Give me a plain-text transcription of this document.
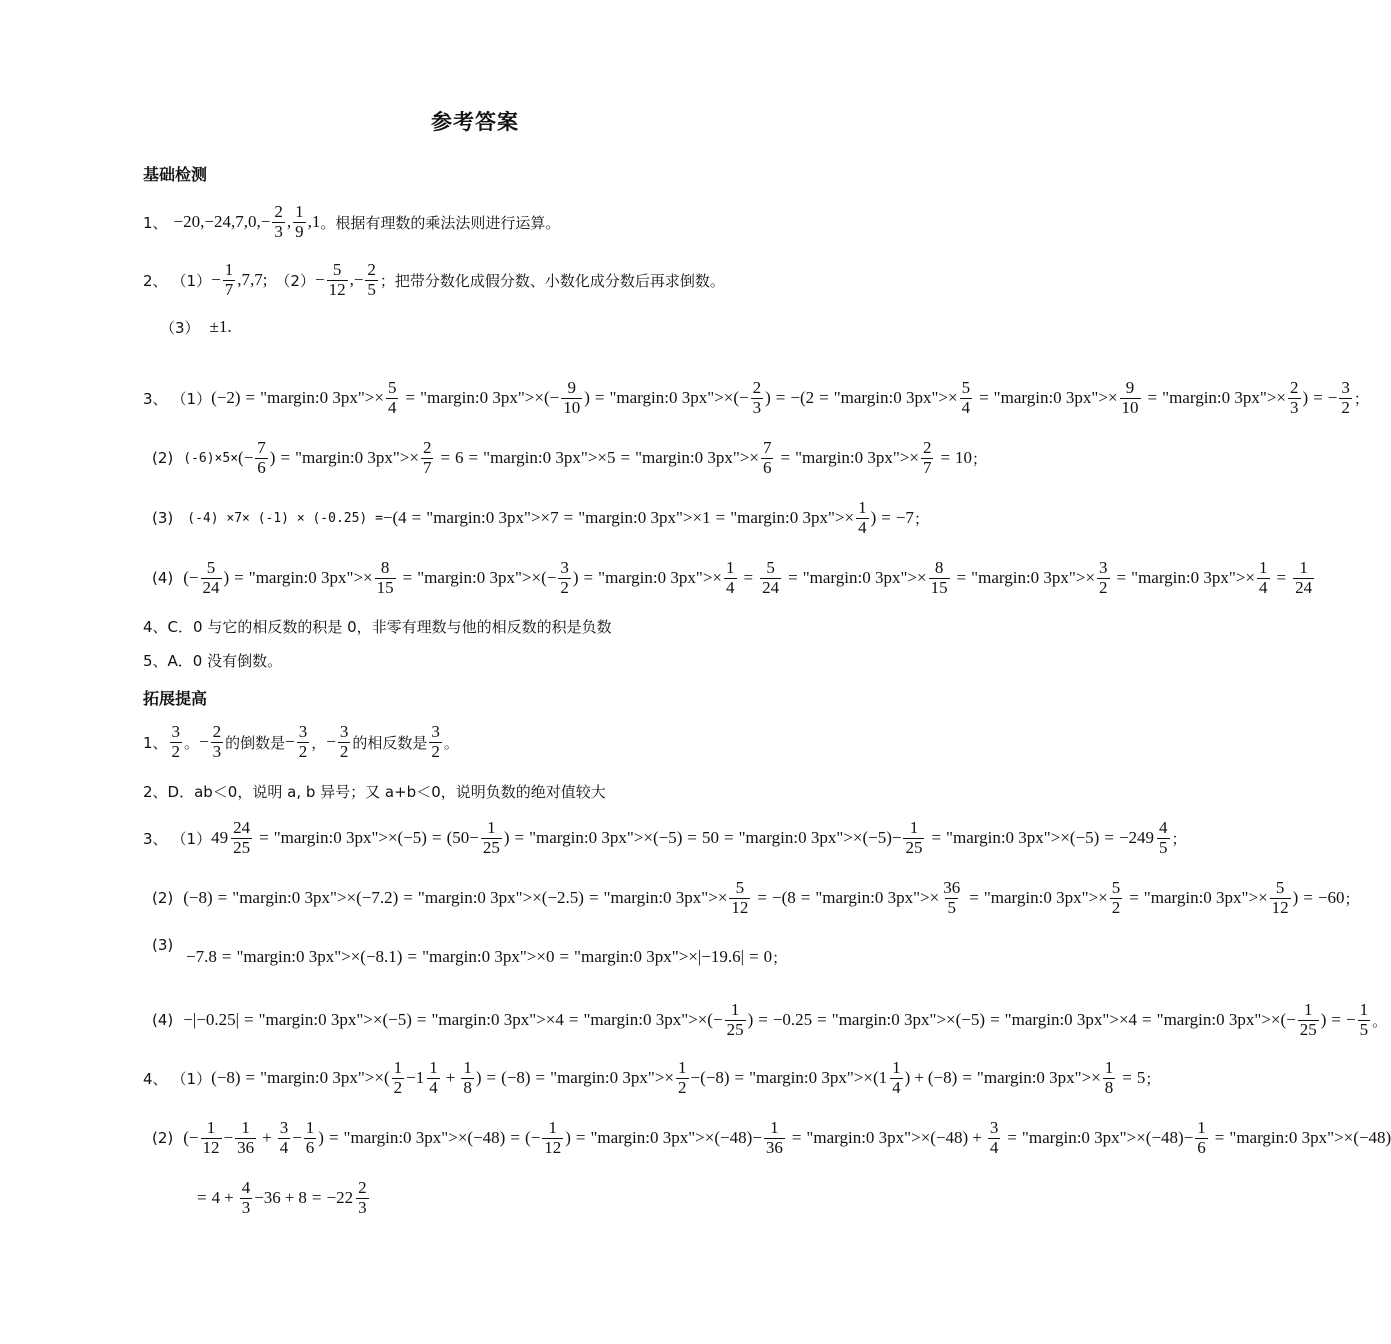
参考答案
基础检测
1、 −20,−24,7,0,−
2
3 ,
1
9 ,1 。根据有理数的乘法法则进行运算。
2、 （1） −
1
7 ,7,7; （2） −
5
12 ,−
2
5 ；把带分数化成假分数、小数化成分数后再求倒数。
（3） ±1.
3、 （1） (−2) = "margin:0 3px">× $\frac{5}{4}$ = "margin:0 3px">×(− $\frac{9}{10}$ ) = "margin:0 3px">×(− $\frac{2}{3}$ ) = −(2 = "margin:0 3px">× $\frac{5}{4}$ = "margin:0 3px">× $\frac{9}{10}$ = "margin:0 3px">× $\frac{2}{3}$ ) = − $\frac{3}{2}$ ；
(2) (-6)×5× (− $\frac{7}{6}$ ) = "margin:0 3px">× $\frac{2}{7} = 6$ = "margin:0 3px">×5 = "margin:0 3px">× $\frac{7}{6}$ = "margin:0 3px">× $\frac{2}{7} = 10$ ；
(3) (-4) ×7× (-1) × (-0.25) = −(4 = "margin:0 3px">×7 = "margin:0 3px">×1 = "margin:0 3px">× $\frac{1}{4}$ ) = −7 ；
(4) (− $\frac{5}{24}$ ) = "margin:0 3px">× $\frac{8}{15}$ = "margin:0 3px">×(− $\frac{3}{2}$ ) = "margin:0 3px">× $\frac{1}{4} = \frac{5}{24}$ = "margin:0 3px">× $\frac{8}{15}$ = "margin:0 3px">× $\frac{3}{2}$ = "margin:0 3px">× $\frac{1}{4} = \frac{1}{24}$
4、 C．0 与它的相反数的积是 0，非零有理数与他的相反数的积是负数
5、 A．0 没有倒数。
拓展提高
1、
3
2 。 −
2
3 的倒数是 −
3
2 ， −
3
2 的相反数是
3
2 。
2、 D．ab＜0，说明 a, b 异号；又 a+b＜0，说明负数的绝对值较大
3、 （1） $49 \frac{24}{25}$ = "margin:0 3px">×(−5) = ($50- \frac{1}{25}$ ) = "margin:0 3px">×(−5) = 50 = "margin:0 3px">×(−5)− $\frac{1}{25}$ = "margin:0 3px">×(−5) = − 249
4
5 ；
(2) (−8) = "margin:0 3px">×(−7.2) = "margin:0 3px">×(−2.5) = "margin:0 3px">× $\frac{5}{12} = -(8$ = "margin:0 3px">× $\frac{36}{5}$ = "margin:0 3px">× $\frac{5}{2}$ = "margin:0 3px">× $\frac{5}{12}$ ) = −60 ；
(3)
−7.8 = "margin:0 3px">×(−8.1) = "margin:0 3px">×0 = "margin:0 3px">×|−19.6| = 0 ；
(4) −|−0.25| = "margin:0 3px">×(−5) = "margin:0 3px">×4 = "margin:0 3px">×(− $\frac{1}{25}$ ) = −0.25 = "margin:0 3px">×(−5) = "margin:0 3px">×4 = "margin:0 3px">×(− $\frac{1}{25}$ ) = − $\frac{1}{5}$ 。
4、 （1） (−8) = "margin:0 3px">×( $\frac{1}{2} - 1$
1
$4 + \frac{1}{8}$ ) = (−8) = "margin:0 3px">× $\frac{1}{2} -(-8)$ = "margin:0 3px">×( 1
1
4 ) + (−8) = "margin:0 3px">× $\frac{1}{8} = 5$ ；
(2) (−
1
12 −
1
$36 + \frac{3}{4} - \frac{1}{6}$ ) = "margin:0 3px">×(−48) = (− $\frac{1}{12}$ ) = "margin:0 3px">×(−48)− $\frac{1}{36}$ = "margin:0 3px">×(−48) + $\frac{3}{4}$ = "margin:0 3px">×(−48)− $\frac{1}{6}$ = "margin:0 3px">×(−48)
= $4 + \frac{4}{3} -36 + 8$ = − 22
2
3
